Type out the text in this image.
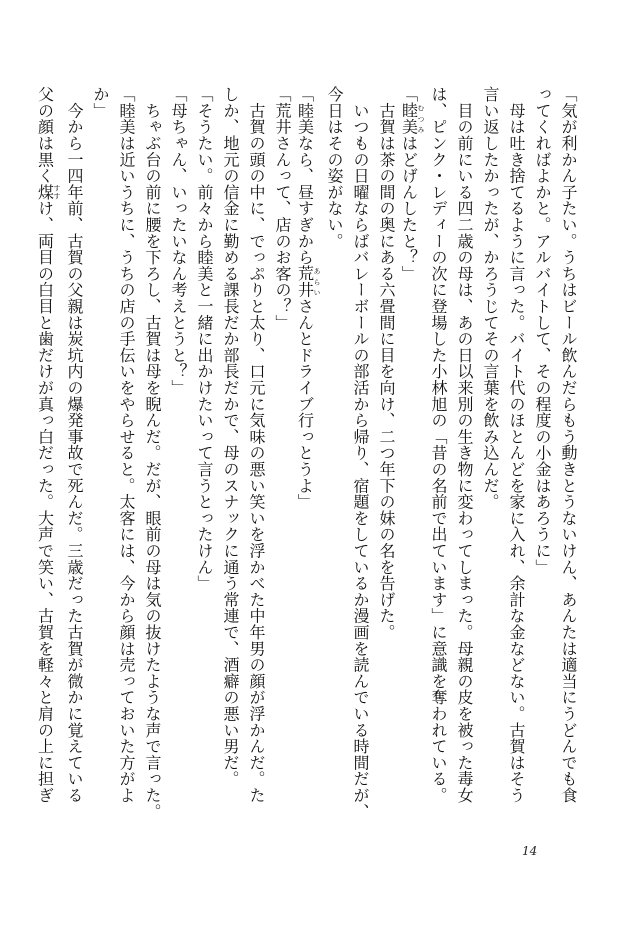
「気が利かん子たい。うちはビール飲んだらもう動きとうないけん、あんたは適当にうどんでも食
ってくればよかと。アルバイトして、その程度の小金はあろうに」
　母は吐き捨てるように言った。バイト代のほとんどを家に入れ、余計な金などない。古賀はそう
言い返したかったが、かろうじてその言葉を飲み込んだ。
　目の前にいる四二歳の母は、あの日以来別の生き物に変わってしまった。母親の皮を被った毒女
は、ピンク・レディーの次に登場した小林旭の「昔の名前で出ています」に意識を奪われている。
「睦美むつみはどげんしたと？」
　古賀は茶の間の奥にある六畳間に目を向け、二つ年下の妹の名を告げた。
　いつもの日曜ならばバレーボールの部活から帰り、宿題をしているか漫画を読んでいる時間だが、
今日はその姿がない。
「睦美なら、昼すぎから荒井あらいさんとドライブ行っとうよ」
「荒井さんって、店のお客の？」
　古賀の頭の中に、でっぷりと太り、口元に気味の悪い笑いを浮かべた中年男の顔が浮かんだ。た
しか、地元の信金に勤める課長だか部長だかで、母のスナックに通う常連で、酒癖の悪い男だ。
「そうたい。前々から睦美と一緒に出かけたいって言うとったけん」
「母ちゃん、いったいなん考えとうと？」
　ちゃぶ台の前に腰を下ろし、古賀は母を睨んだ。だが、眼前の母は気の抜けたような声で言った。
「睦美は近いうちに、うちの店の手伝いをやらせると。太客には、今から顔は売っておいた方がよ
か」
　今から一四年前、古賀の父親は炭坑内の爆発事故で死んだ。三歳だった古賀が微かに覚えている
父の顔は黒く煤すすけ、両目の白目と歯だけが真っ白だった。大声で笑い、古賀を軽々と肩の上に担ぎ
14
